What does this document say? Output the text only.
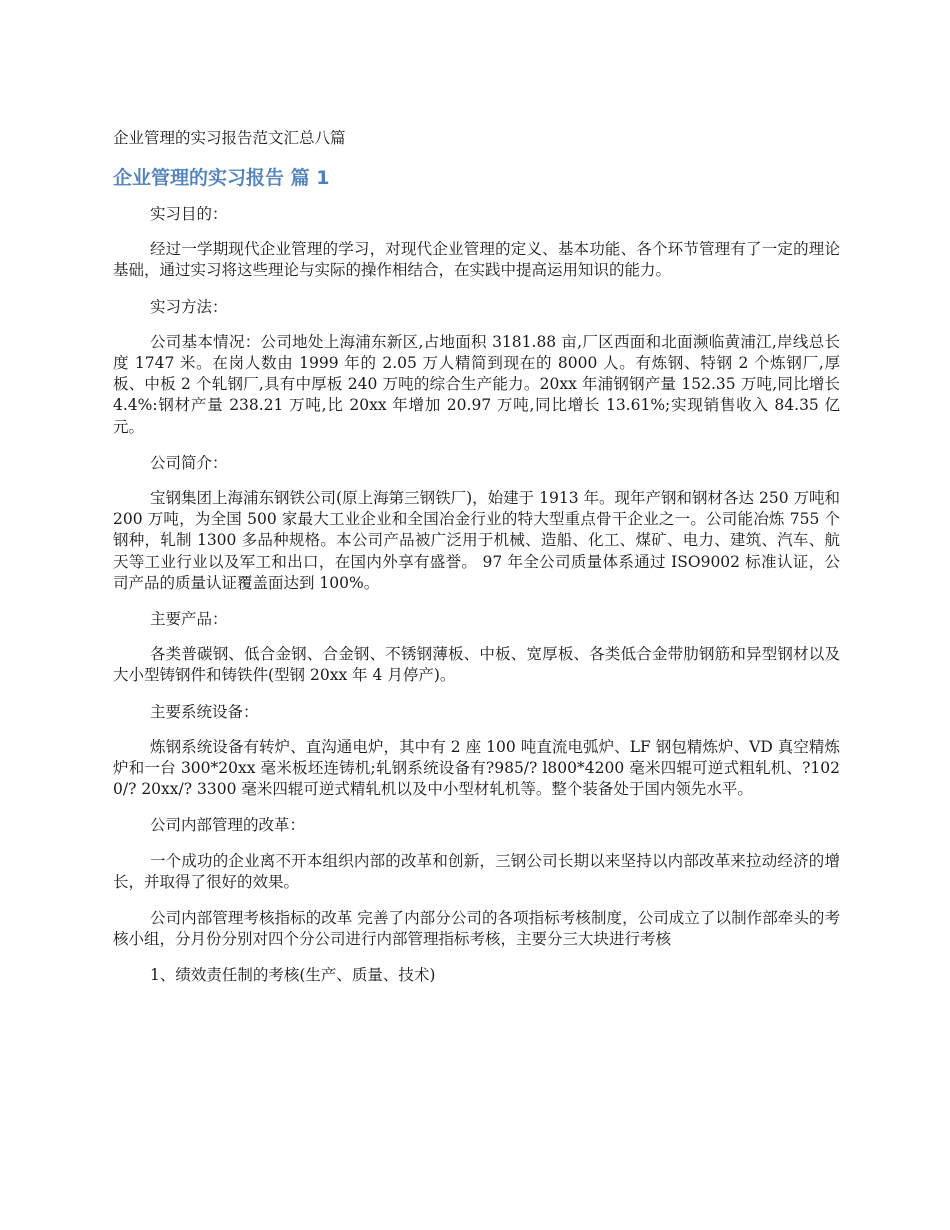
企业管理的实习报告范文汇总八篇
企业管理的实习报告 篇 1

实习目的：

经过一学期现代企业管理的学习，对现代企业管理的定义、基本功能、各个环节管理有了一定的理论基础，通过实习将这些理论与实际的操作相结合，在实践中提高运用知识的能力。

实习方法：

公司基本情况：公司地处上海浦东新区,占地面积 3181.88 亩,厂区西面和北面濒临黄浦江,岸线总长度 1747 米。在岗人数由 1999 年的 2.05 万人精简到现在的 8000 人。有炼钢、特钢 2 个炼钢厂,厚板、中板 2 个轧钢厂,具有中厚板 240 万吨的综合生产能力。20xx 年浦钢钢产量 152.35 万吨,同比增长 4.4%:钢材产量 238.21 万吨,比 20xx 年增加 20.97 万吨,同比增长 13.61%;实现销售收入 84.35 亿元。

公司简介：

宝钢集团上海浦东钢铁公司(原上海第三钢铁厂)，始建于 1913 年。现年产钢和钢材各达 250 万吨和 200 万吨，为全国 500 家最大工业企业和全国冶金行业的特大型重点骨干企业之一。公司能冶炼 755 个钢种，轧制 1300 多品种规格。本公司产品被广泛用于机械、造船、化工、煤矿、电力、建筑、汽车、航天等工业行业以及军工和出口，在国内外享有盛誉。 97 年全公司质量体系通过 ISO9002 标准认证，公司产品的质量认证覆盖面达到 100%。

主要产品：

各类普碳钢、低合金钢、合金钢、不锈钢薄板、中板、宽厚板、各类低合金带肋钢筋和异型钢材以及大小型铸钢件和铸铁件(型钢 20xx 年 4 月停产)。

主要系统设备：

炼钢系统设备有转炉、直沟通电炉，其中有 2 座 100 吨直流电弧炉、LF 钢包精炼炉、VD 真空精炼炉和一台 300*20xx 毫米板坯连铸机;轧钢系统设备有?985/? l800*4200 毫米四辊可逆式粗轧机、?1020/? 20xx/? 3300 毫米四辊可逆式精轧机以及中小型材轧机等。整个装备处于国内领先水平。

公司内部管理的改革：

一个成功的企业离不开本组织内部的改革和创新，三钢公司长期以来坚持以内部改革来拉动经济的增长，并取得了很好的效果。

公司内部管理考核指标的改革 完善了内部分公司的各项指标考核制度，公司成立了以制作部牵头的考核小组，分月份分别对四个分公司进行内部管理指标考核，主要分三大块进行考核

1、绩效责任制的考核(生产、质量、技术)
